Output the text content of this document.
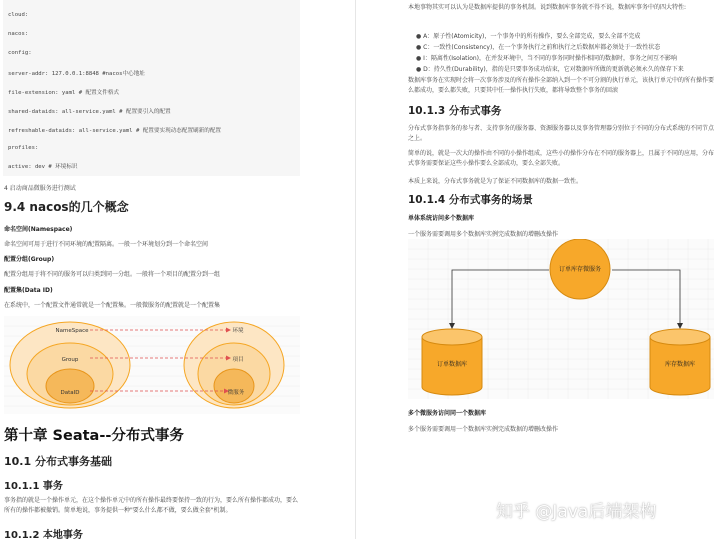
cloud:
nacos:
config:
server-addr: 127.0.0.1:8848 #nacos中心地址
file-extension: yaml # 配置文件格式
shared-dataids: all-service.yaml # 配置要引入的配置
refreshable-dataids: all-service.yaml # 配置要实现动态配置刷新的配置
profiles:
active: dev # 环境标识
4 启动商品微服务进行测试
9.4 nacos的几个概念
命名空间(Namespace)
命名空间可用于进行不同环境的配置隔离。一般一个环境划分到一个命名空间
配置分组(Group)
配置分组用于将不同的服务可以归类到同一分组。一般将一个项目的配置分到一组
配置集(Data ID)
在系统中，一个配置文件通常就是一个配置集。一般微服务的配置就是一个配置集
NameSpace
Group
DataID
环境
项目
微服务
第十章 Seata--分布式事务
10.1 分布式事务基础
10.1.1 事务
事务指的就是一个操作单元，在这个操作单元中的所有操作最终要保持一致的行为，要么所有操作都成功，要么所有的操作都被撤销。简单地说，事务提供一种"要么什么都不做，要么做全套"机制。
10.1.2 本地事务
本地事物其实可以认为是数据库提供的事务机制。说到数据库事务就不得不说，数据库事务中的四大特性:
● A：原子性(Atomicity)，一个事务中的所有操作，要么全部完成，要么全部不完成
● C：一致性(Consistency)，在一个事务执行之前和执行之后数据库都必须处于一致性状态
● I：隔离性(Isolation)，在并发环境中，当不同的事务同时操作相同的数据时，事务之间互不影响
● D：持久性(Durability)，指的是只要事务成功结束，它对数据库所做的更新就必须永久的保存下来
数据库事务在实现时会将一次事务涉及的所有操作全部纳入到一个不可分割的执行单元，该执行单元中的所有操作要么都成功，要么都失败，只要其中任一操作执行失败，都将导致整个事务的回滚
10.1.3 分布式事务
分布式事务指事务的参与者、支持事务的服务器、资源服务器以及事务管理器分别位于不同的分布式系统的不同节点之上。
简单的说，就是一次大的操作由不同的小操作组成，这些小的操作分布在不同的服务器上，且属于不同的应用，分布式事务需要保证这些小操作要么全部成功，要么全部失败。
本质上来说，分布式事务就是为了保证不同数据库的数据一致性。
10.1.4 分布式事务的场景
单体系统访问多个数据库
一个服务需要调用多个数据库实例完成数据的增删改操作
订单库存微服务
订单数据库	库存数据库
多个微服务访问同一个数据库
多个服务需要调用一个数据库实例完成数据的增删改操作
知乎 @Java后端架构
